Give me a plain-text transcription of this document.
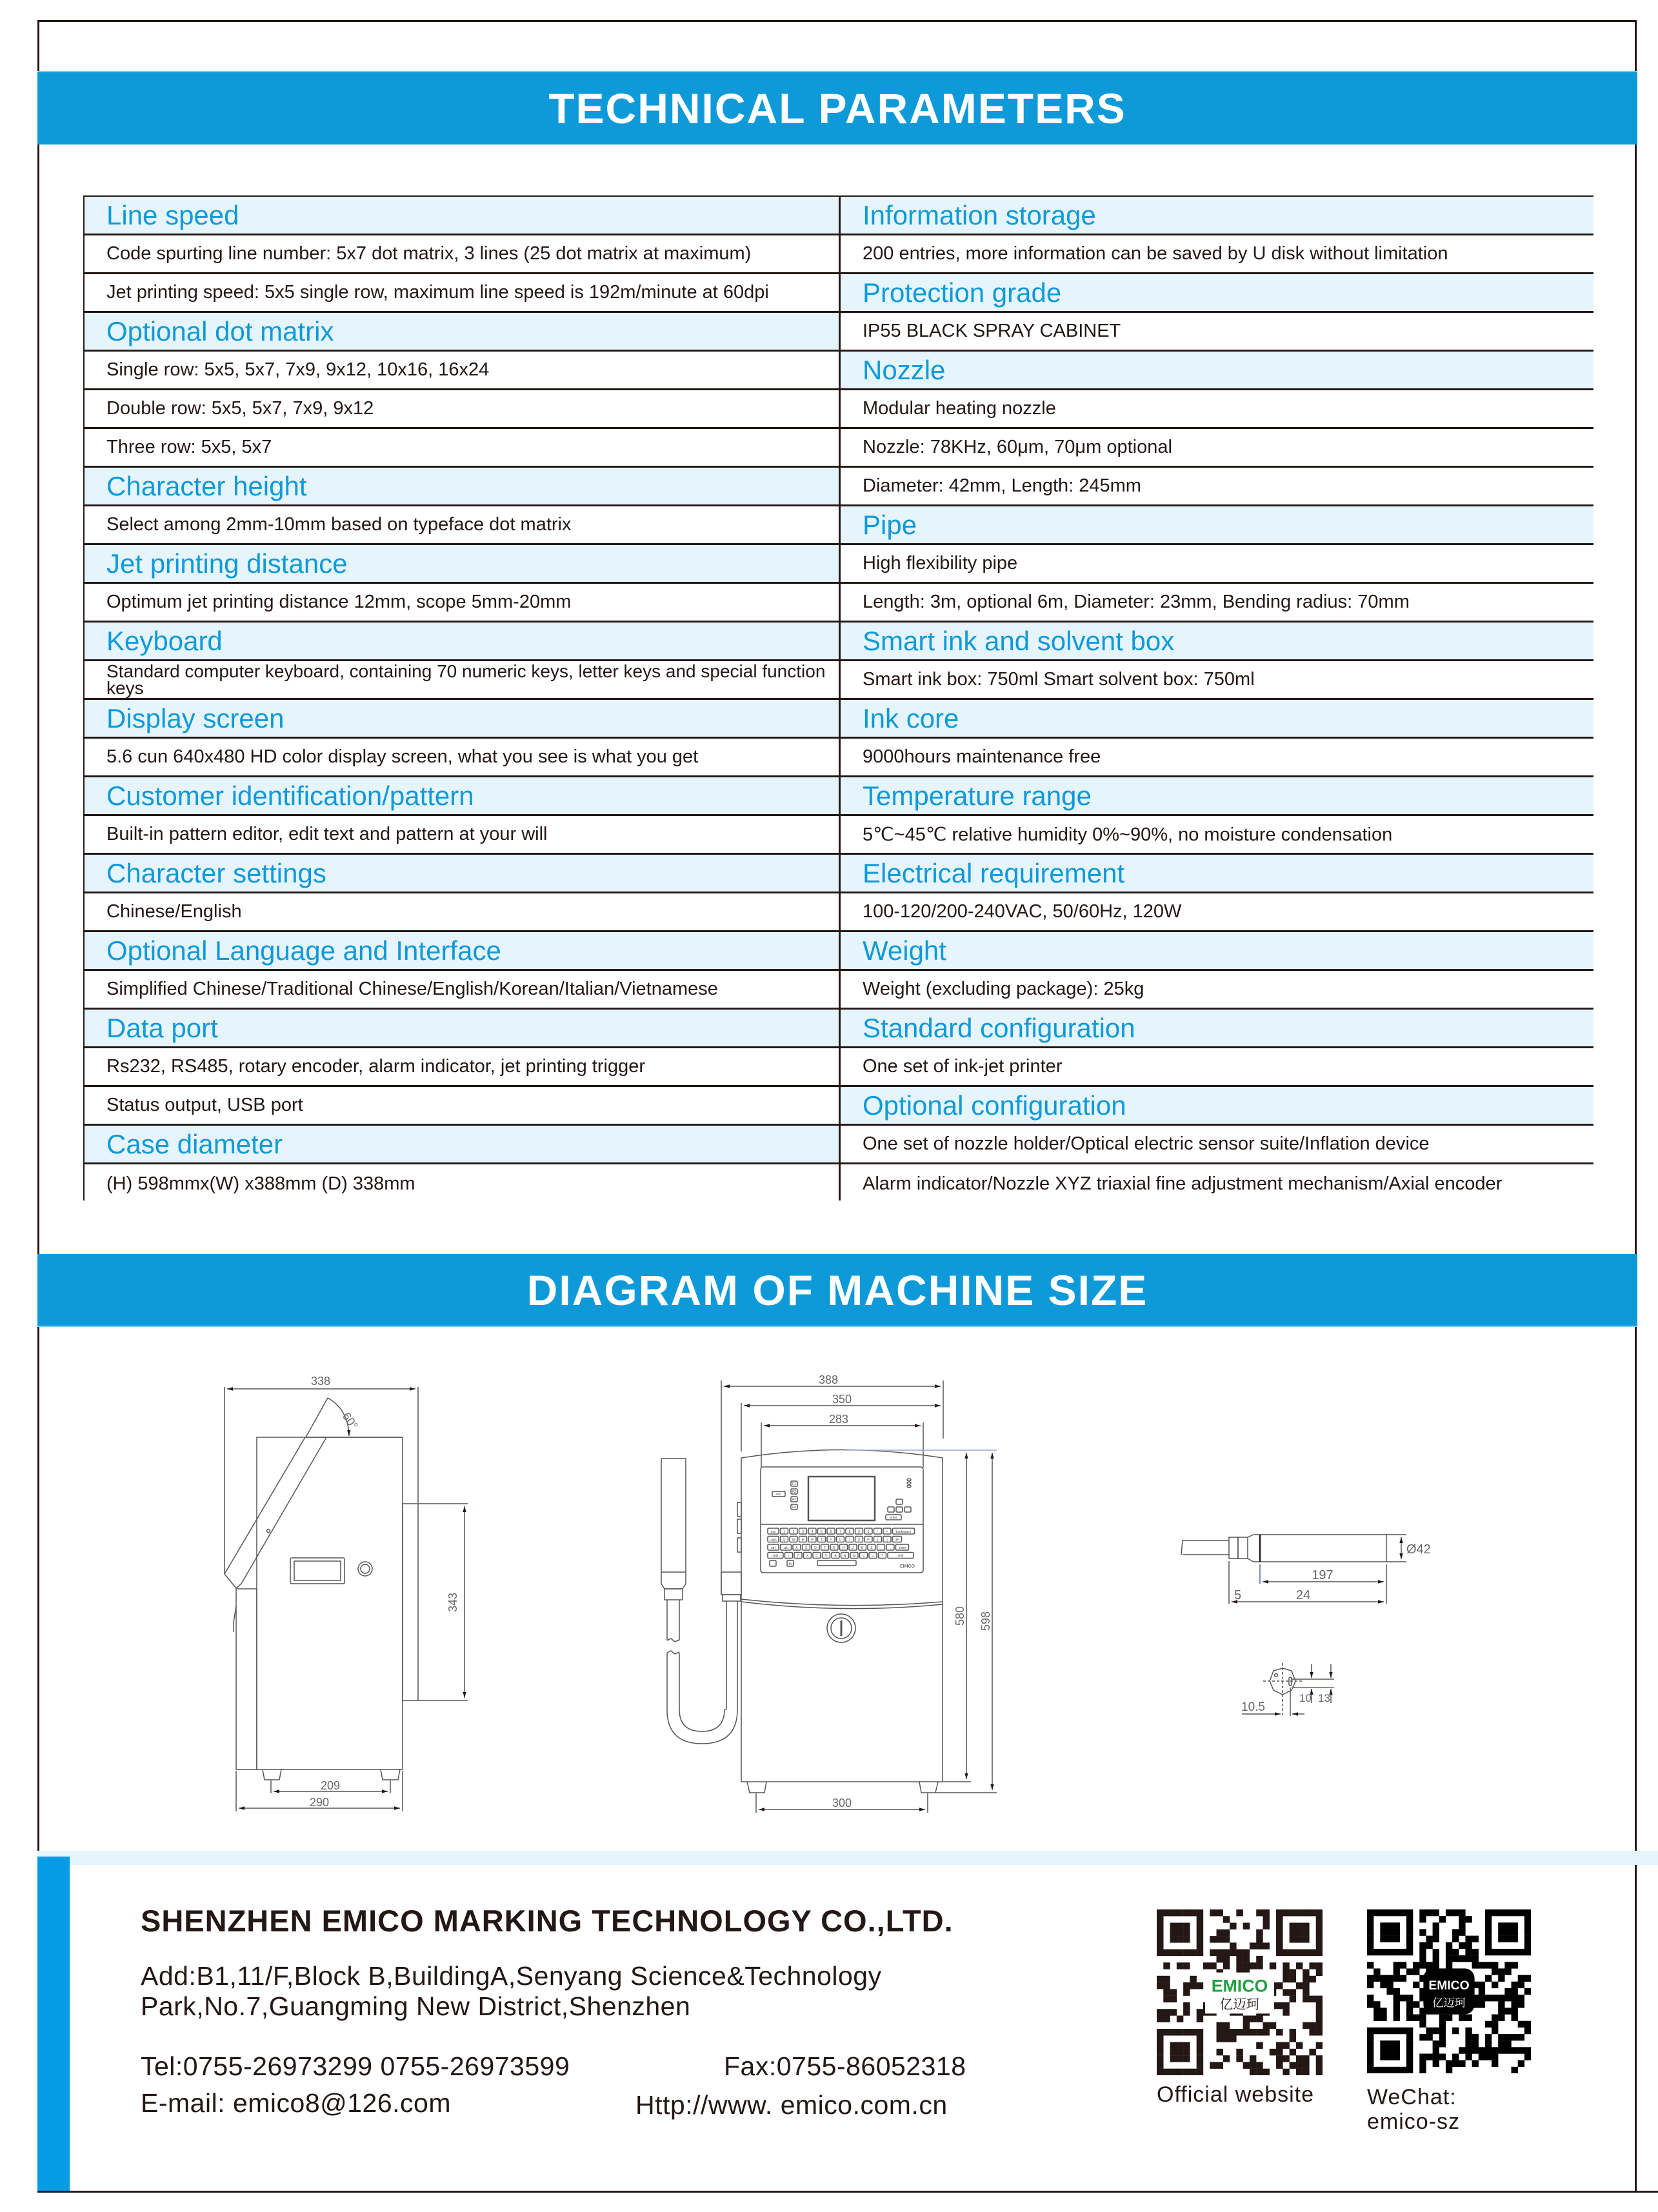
TECHNICAL PARAMETERS
Line speed
Code spurting line number: 5x7 dot matrix, 3 lines (25 dot matrix at maximum)
Jet printing speed: 5x5 single row, maximum line speed is 192m/minute at 60dpi
Optional dot matrix
Single row: 5x5, 5x7, 7x9, 9x12, 10x16, 16x24
Double row: 5x5, 5x7, 7x9, 9x12
Three row: 5x5, 5x7
Character height
Select among 2mm-10mm based on typeface dot matrix
Jet printing distance
Optimum jet printing distance 12mm, scope 5mm-20mm
Keyboard
Standard computer keyboard, containing 70 numeric keys, letter keys and special function keys
Display screen
5.6 cun 640x480 HD color display screen, what you see is what you get
Customer identification/pattern
Built-in pattern editor, edit text and pattern at your will
Character settings
Chinese/English
Optional Language and Interface
Simplified Chinese/Traditional Chinese/English/Korean/Italian/Vietnamese
Data port
Rs232, RS485, rotary encoder, alarm indicator, jet printing trigger
Status output, USB port
Case diameter
(H) 598mmx(W) x388mm (D) 338mm
Information storage
200 entries, more information can be saved by U disk without limitation
Protection grade
IP55 BLACK SPRAY CABINET
Nozzle
Modular heating nozzle
Nozzle: 78KHz, 60μm, 70μm optional
Diameter: 42mm, Length: 245mm
Pipe
High flexibility pipe
Length: 3m, optional 6m, Diameter: 23mm, Bending radius: 70mm
Smart ink and solvent box
Smart ink box: 750ml Smart solvent box: 750ml
Ink core
9000hours maintenance free
Temperature range
5℃~45℃ relative humidity 0%~90%, no moisture condensation
Electrical requirement
100-120/200-240VAC, 50/60Hz, 120W
Weight
Weight (excluding package): 25kg
Standard configuration
One set of ink-jet printer
Optional configuration
One set of nozzle holder/Optical electric sensor suite/Inflation device
Alarm indicator/Nozzle XYZ triaxial fine adjustment mechanism/Axial encoder
DIAGRAM OF MACHINE SIZE
esc
F1
F2
F3
F4
enter
esc 1 2 3 4 5 6 7 8 9 0 - + backspace
caps Q W E R T Y U I O P [	] del
ctrl	alt	A S D F G H J K L ;	, enter
shift	\ Z X C V B N M < > ?	shift
fn	EMICO
338
60°
343
209
290
388
350
283
580 598
300
Ø42
197
24
5
10.5
10 13
SHENZHEN EMICO MARKING TECHNOLOGY CO.,LTD.
Add:B1,11/F,Block B,BuildingA,Senyang Science&Technology
Park,No.7,Guangming New District,Shenzhen
Tel:0755-26973299 0755-26973599	Fax:0755-86052318
E-mail: emico8@126.com	Http://www. emico.com.cn
EMICO
亿迈珂
Official website
EMICO
亿迈珂
WeChat:
emico-sz
